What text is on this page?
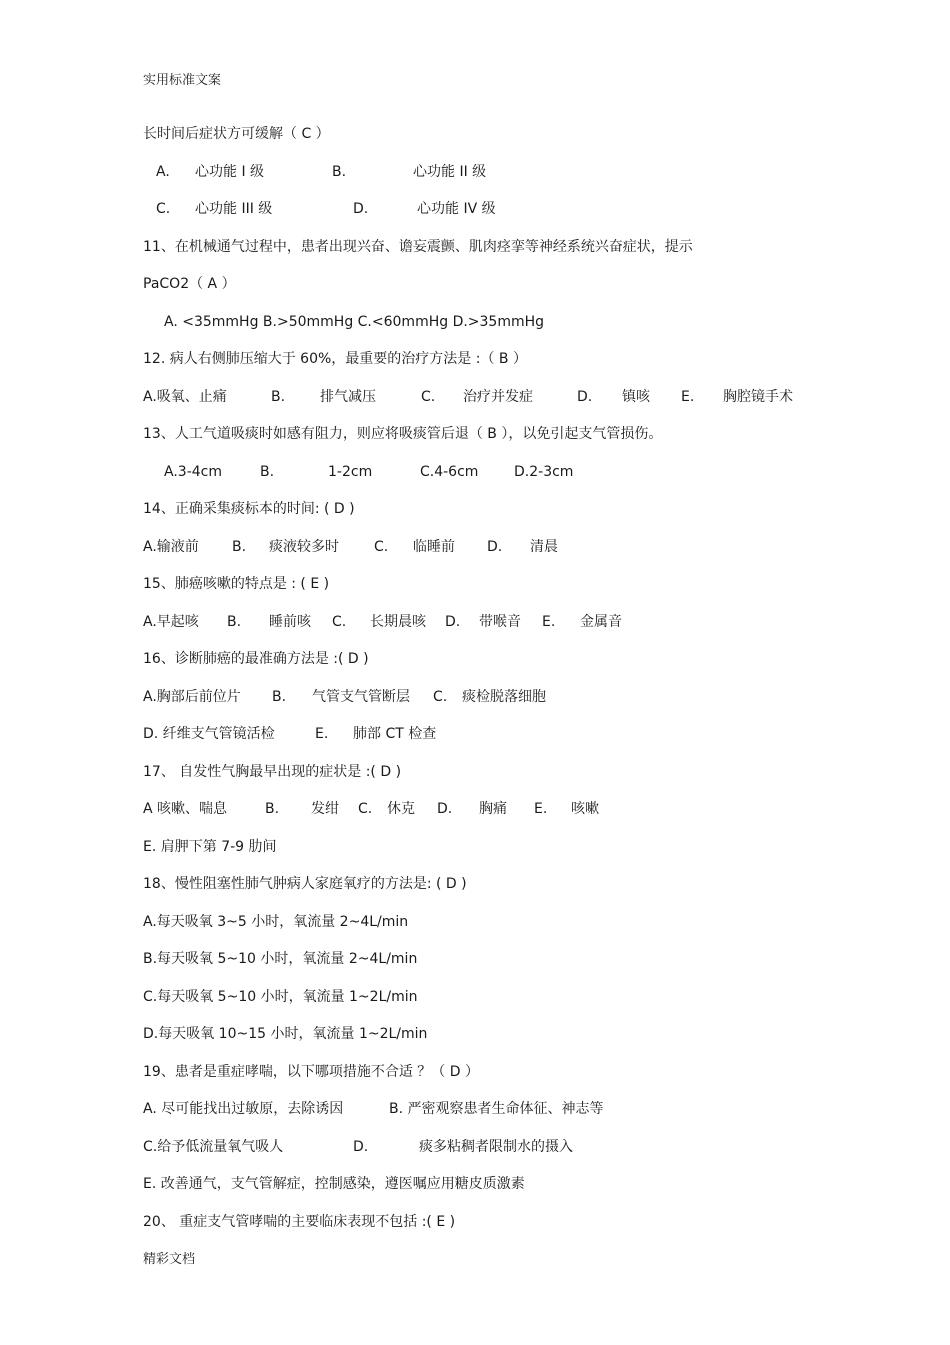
实用标准文案
长时间后症状方可缓解（ C ）
A. 心功能 I 级	B.	心功能 II 级
C. 心功能 III 级	D.	心功能 IV 级
11、在机械通气过程中，患者出现兴奋、谵妄震颤、肌肉痉挛等神经系统兴奋症状，提示
PaCO2（ A ）
A. <35mmHg B.>50mmHg C.<60mmHg D.>35mmHg
12. 病人右侧肺压缩大于 60%，最重要的治疗方法是 :（ B ）
A.吸氧、止痛	B. 排气减压	C. 治疗并发症	D. 镇咳 E. 胸腔镜手术
13、人工气道吸痰时如感有阻力，则应将吸痰管后退（ B ），以免引起支气管损伤。
A.3-4cm	B.	1-2cm	C.4-6cm	D.2-3cm
14、正确采集痰标本的时间: ( D )
A.输液前 B. 痰液较多时	C. 临睡前 D. 清晨
15、肺癌咳嗽的特点是 : ( E )
A.早起咳 B. 睡前咳 C. 长期晨咳 D. 带喉音 E. 金属音
16、诊断肺癌的最准确方法是 :( D )
A.胸部后前位片 B. 气管支气管断层 C. 痰检脱落细胞
D. 纤维支气管镜活检	E. 肺部 CT 检查
17、 自发性气胸最早出现的症状是 :( D )
A 咳嗽、喘息	B. 发绀 C. 休克 D. 胸痛 E. 咳嗽
E. 肩胛下第 7-9 肋间
18、慢性阻塞性肺气肿病人家庭氧疗的方法是: ( D )
A.每天吸氧 3~5 小时，氧流量 2~4L/min
B.每天吸氧 5~10 小时，氧流量 2~4L/min
C.每天吸氧 5~10 小时，氧流量 1~2L/min
D.每天吸氧 10~15 小时，氧流量 1~2L/min
19、患者是重症哮喘，以下哪项措施不合适 ？（ D ）
A. 尽可能找出过敏原，去除诱因	B. 严密观察患者生命体征、神志等
C.给予低流量氧气吸人	D.	痰多粘稠者限制水的摄入
E. 改善通气，支气管解症，控制感染，遵医嘱应用糖皮质激素
20、 重症支气管哮喘的主要临床表现不包括 :( E )
精彩文档
